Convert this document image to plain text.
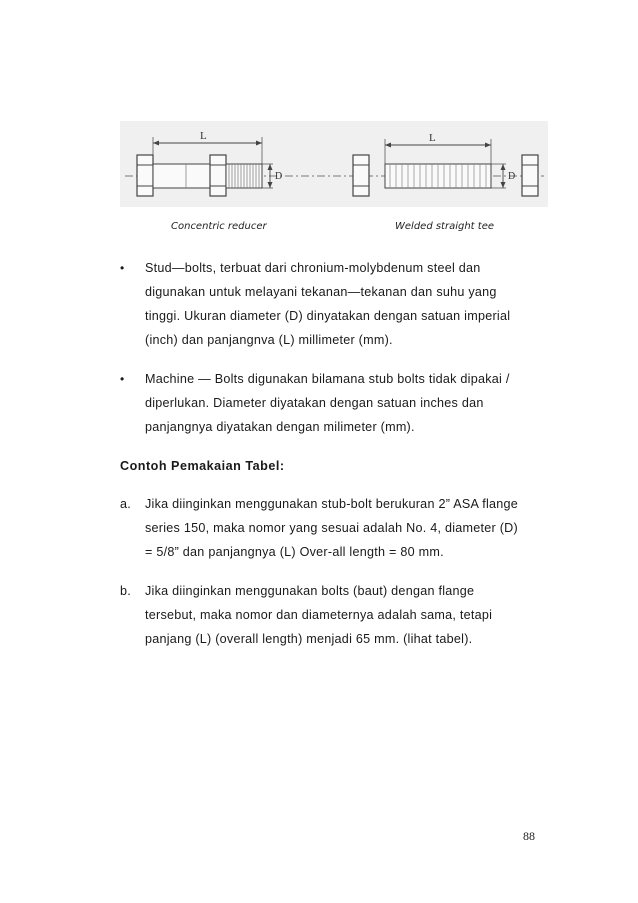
L
D
L
D
Concentric reducer	Welded straight tee
• Stud—bolts, terbuat dari chronium-molybdenum steel dan
digunakan untuk melayani tekanan—tekanan dan suhu yang
tinggi. Ukuran diameter (D) dinyatakan dengan satuan imperial
(inch) dan panjangnva (L) millimeter (mm).
• Machine — Bolts digunakan bilamana stub bolts tidak dipakai /
diperlukan. Diameter diyatakan dengan satuan inches dan
panjangnya diyatakan dengan milimeter (mm).
Contoh Pemakaian Tabel:
a. Jika diinginkan menggunakan stub-bolt berukuran 2” ASA flange
series 150, maka nomor yang sesuai adalah No. 4, diameter (D)
= 5/8” dan panjangnya (L) Over-all length = 80 mm.
b. Jika diinginkan menggunakan bolts (baut) dengan flange
tersebut, maka nomor dan diameternya adalah sama, tetapi
panjang (L) (overall length) menjadi 65 mm. (lihat tabel).
88
